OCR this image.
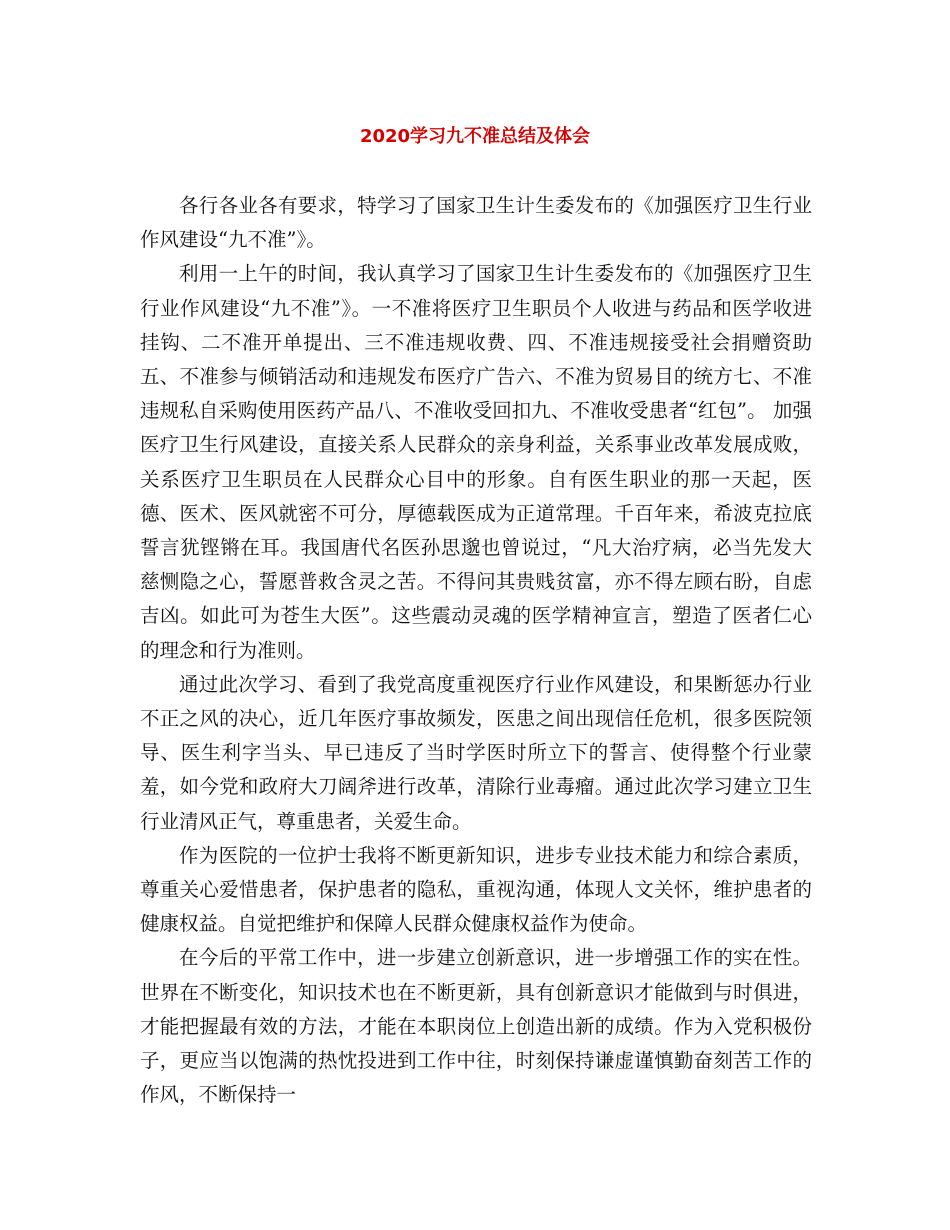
2020学习九不准总结及体会

各行各业各有要求，特学习了国家卫生计生委发布的《加强医疗卫生行业作风建设“九不准”》。

利用一上午的时间，我认真学习了国家卫生计生委发布的《加强医疗卫生行业作风建设“九不准”》。一不准将医疗卫生职员个人收进与药品和医学收进挂钩、二不准开单提出、三不准违规收费、四、不准违规接受社会捐赠资助五、不准参与倾销活动和违规发布医疗广告六、不准为贸易目的统方七、不准违规私自采购使用医药产品八、不准收受回扣九、不准收受患者“红包”。 加强医疗卫生行风建设，直接关系人民群众的亲身利益，关系事业改革发展成败，关系医疗卫生职员在人民群众心目中的形象。自有医生职业的那一天起，医德、医术、医风就密不可分，厚德载医成为正道常理。千百年来，希波克拉底誓言犹铿锵在耳。我国唐代名医孙思邈也曾说过，“凡大治疗病，必当先发大慈恻隐之心，誓愿普救含灵之苦。不得问其贵贱贫富，亦不得左顾右盼，自虑吉凶。如此可为苍生大医”。这些震动灵魂的医学精神宣言，塑造了医者仁心的理念和行为准则。

通过此次学习、看到了我党高度重视医疗行业作风建设，和果断惩办行业不正之风的决心，近几年医疗事故频发，医患之间出现信任危机，很多医院领导、医生利字当头、早已违反了当时学医时所立下的誓言、使得整个行业蒙羞，如今党和政府大刀阔斧进行改革，清除行业毒瘤。通过此次学习建立卫生行业清风正气，尊重患者，关爱生命。

作为医院的一位护士我将不断更新知识，进步专业技术能力和综合素质，尊重关心爱惜患者，保护患者的隐私，重视沟通，体现人文关怀，维护患者的健康权益。自觉把维护和保障人民群众健康权益作为使命。

在今后的平常工作中，进一步建立创新意识，进一步增强工作的实在性。世界在不断变化，知识技术也在不断更新，具有创新意识才能做到与时俱进，才能把握最有效的方法，才能在本职岗位上创造出新的成绩。作为入党积极份子，更应当以饱满的热忱投进到工作中往，时刻保持谦虚谨慎勤奋刻苦工作的作风，不断保持一
